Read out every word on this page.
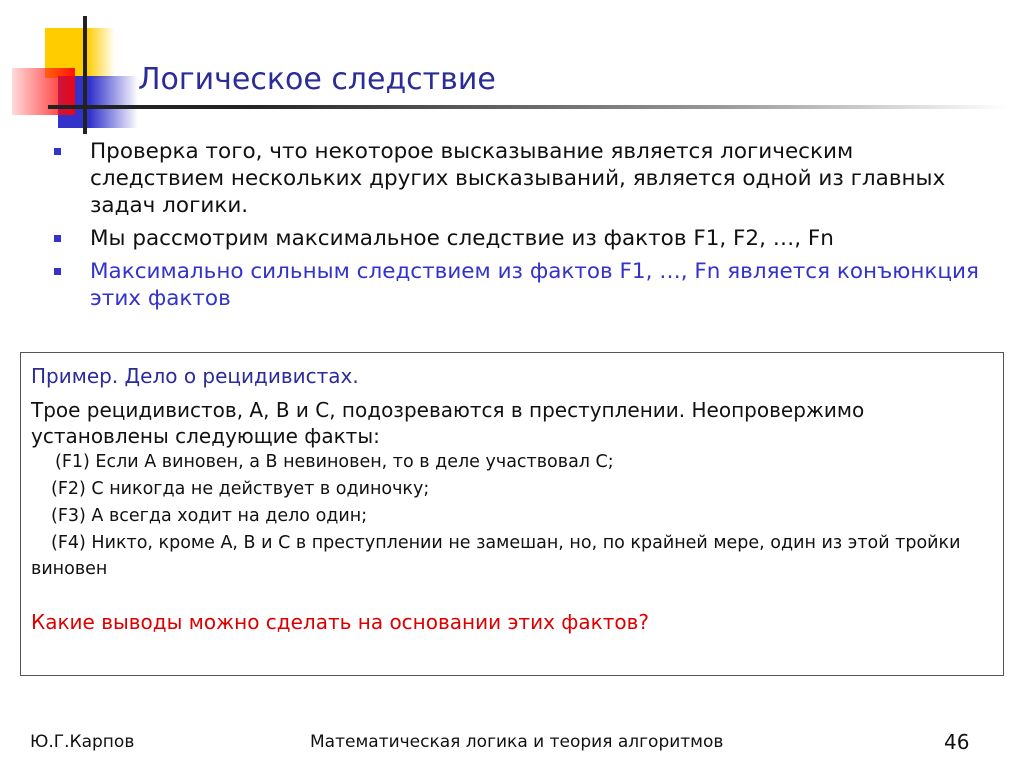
Логическое следствие
Проверка того, что некоторое высказывание является логическим следствием нескольких других высказываний, является одной из главных задач логики.
Мы рассмотрим максимальное следствие из фактов F1, F2, …, Fn
Максимально сильным следствием из фактов F1, …, Fn является конъюнкция этих фактов

Пример. Дело о рецидивистах.

Трое рецидивистов, А, В и С, подозреваются в преступлении. Неопровержимо установлены следующие факты:

(F1) Если А виновен, а В невиновен, то в деле участвовал С;

(F2) С никогда не действует в одиночку;

(F3) А всегда ходит на дело один;

(F4) Никто, кроме А, В и С в преступлении не замешан, но, по крайней мере, один из этой тройки виновен

Какие выводы можно сделать на основании этих фактов?

Ю.Г.Карпов	Математическая логика и теория алгоритмов	46
